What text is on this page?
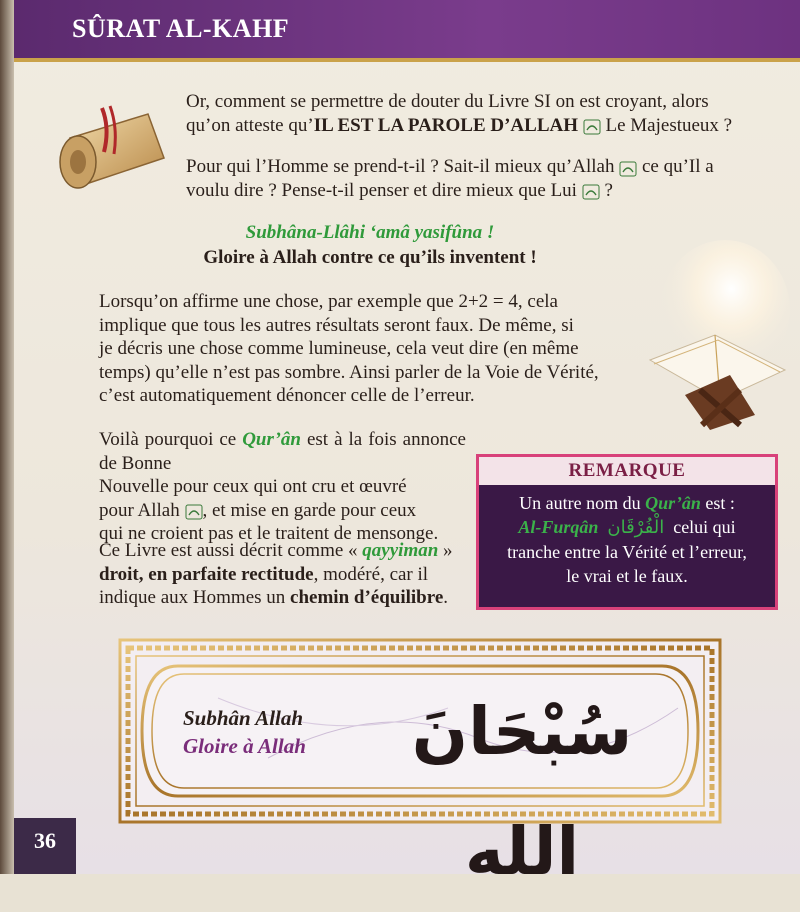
SÛRAT AL-KAHF
Or, comment se permettre de douter du Livre SI on est croyant, alors
qu’on atteste qu’IL EST LA PAROLE D’ALLAH  Le Majestueux ?
Pour qui l’Homme se prend-t-il ? Sait-il mieux qu’Allah  ce qu’Il a
voulu dire ? Pense-t-il penser et dire mieux que Lui  ?
Subhâna-Llâhi ‘amâ yasifûna !
Gloire à Allah contre ce qu’ils inventent !
Lorsqu’on affirme une chose, par exemple que 2+2 = 4, cela
implique que tous les autres résultats seront faux. De même, si
je décris une chose comme lumineuse, cela veut dire (en même
temps) qu’elle n’est pas sombre. Ainsi parler de la Voie de Vérité,
c’est automatiquement dénoncer celle de l’erreur.
Voilà pourquoi ce Qur’ân est à la fois annonce de Bonne
Nouvelle pour ceux qui ont cru et œuvré
pour Allah , et mise en garde pour ceux
qui ne croient pas et le traitent de mensonge.
Ce Livre est aussi décrit comme « qayyiman »
droit, en parfaite rectitude, modéré, car il
indique aux Hommes un chemin d’équilibre.
REMARQUE
Un autre nom du Qur’ân est :
Al-Furqân الْفُرْقَان celui qui
tranche entre la Vérité et l’erreur,
le vrai et le faux.
Subhân Allah
Gloire à Allah	سُبْحَانَ الله
36
